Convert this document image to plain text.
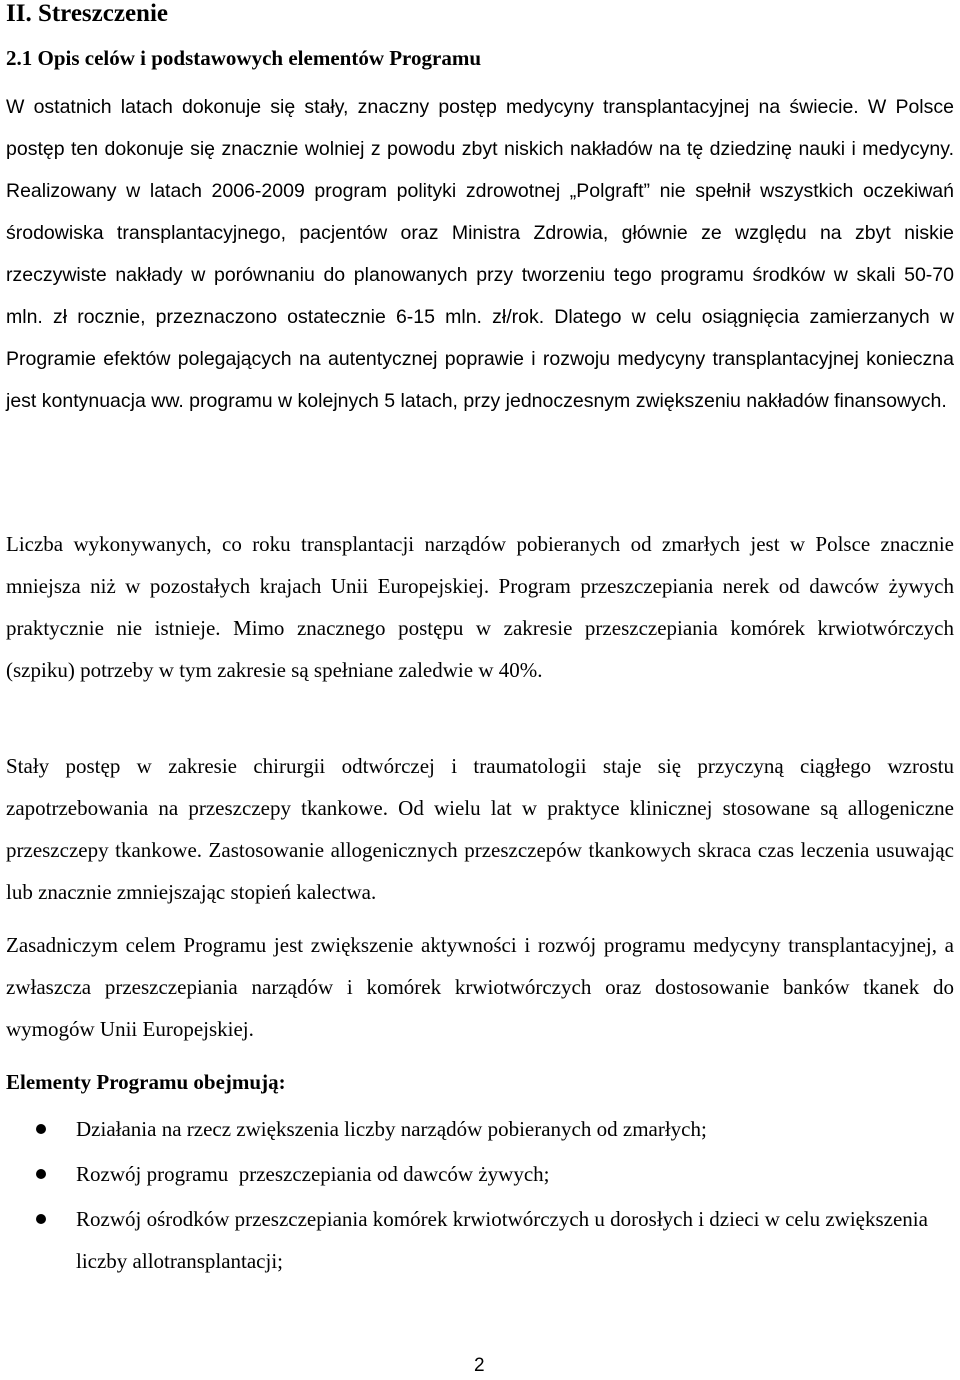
II. Streszczenie
2.1 Opis celów i podstawowych elementów Programu

W ostatnich latach dokonuje się stały, znaczny postęp medycyny transplantacyjnej na świecie. W Polsce postęp ten dokonuje się znacznie wolniej z powodu zbyt niskich nakładów na tę dziedzinę nauki i medycyny. Realizowany w latach 2006-2009 program polityki zdrowotnej „Polgraft” nie spełnił wszystkich oczekiwań środowiska transplantacyjnego, pacjentów oraz Ministra Zdrowia, głównie ze względu na zbyt niskie rzeczywiste nakłady w porównaniu do planowanych przy tworzeniu tego programu środków w skali 50-70 mln. zł rocznie, przeznaczono ostatecznie 6-15 mln. zł/rok. Dlatego w celu osiągnięcia zamierzanych w Programie efektów polegających na autentycznej poprawie i rozwoju medycyny transplantacyjnej konieczna jest kontynuacja ww. programu w kolejnych 5 latach, przy jednoczesnym zwiększeniu nakładów finansowych.

Liczba wykonywanych, co roku transplantacji narządów pobieranych od zmarłych jest w Polsce znacznie mniejsza niż w pozostałych krajach Unii Europejskiej. Program przeszczepiania nerek od dawców żywych praktycznie nie istnieje. Mimo znacznego postępu w zakresie przeszczepiania komórek krwiotwórczych (szpiku) potrzeby w tym zakresie są spełniane zaledwie w 40%.

Stały postęp w zakresie chirurgii odtwórczej i traumatologii staje się przyczyną ciągłego wzrostu zapotrzebowania na przeszczepy tkankowe. Od wielu lat w praktyce klinicznej stosowane są allogeniczne przeszczepy tkankowe. Zastosowanie allogenicznych przeszczepów tkankowych skraca czas leczenia usuwając lub znacznie zmniejszając stopień kalectwa.

Zasadniczym celem Programu jest zwiększenie aktywności i rozwój programu medycyny transplantacyjnej, a zwłaszcza przeszczepiania narządów i komórek krwiotwórczych oraz dostosowanie banków tkanek do wymogów Unii Europejskiej.

Elementy Programu obejmują:
Działania na rzecz zwiększenia liczby narządów pobieranych od zmarłych;
Rozwój programu  przeszczepiania od dawców żywych;
Rozwój ośrodków przeszczepiania komórek krwiotwórczych u dorosłych i dzieci w celu zwiększenia liczby allotransplantacji;
2
